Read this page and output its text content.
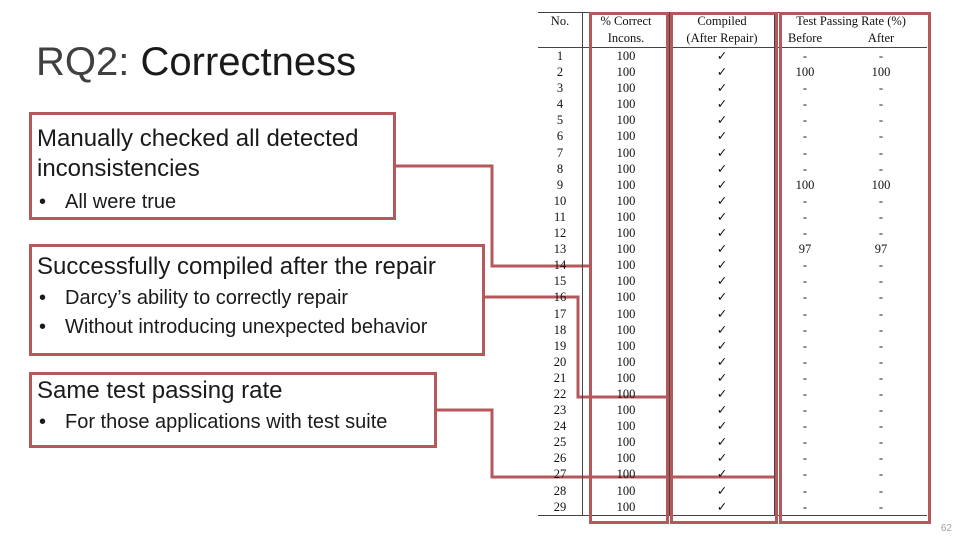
RQ2: Correctness
Manually checked all detected
inconsistencies
• All were true
Successfully compiled after the repair
• Darcy’s ability to correctly repair
• Without introducing unexpected behavior
Same test passing rate
• For those applications with test suite
No.	% Correct	Compiled	Test Passing Rate (%)	
	Incons.	(After Repair)	Before	After
1	100	✓	-	-
2	100	✓	100	100
3	100	✓	-	-
4	100	✓	-	-
5	100	✓	-	-
6	100	✓	-	-
7	100	✓	-	-
8	100	✓	-	-
9	100	✓	100	100
10	100	✓	-	-
11	100	✓	-	-
12	100	✓	-	-
13	100	✓	97	97
14	100	✓	-	-
15	100	✓	-	-
16	100	✓	-	-
17	100	✓	-	-
18	100	✓	-	-
19	100	✓	-	-
20	100	✓	-	-
21	100	✓	-	-
22	100	✓	-	-
23	100	✓	-	-
24	100	✓	-	-
25	100	✓	-	-
26	100	✓	-	-
27	100	✓	-	-
28	100	✓	-	-
29	100	✓	-	-
62
